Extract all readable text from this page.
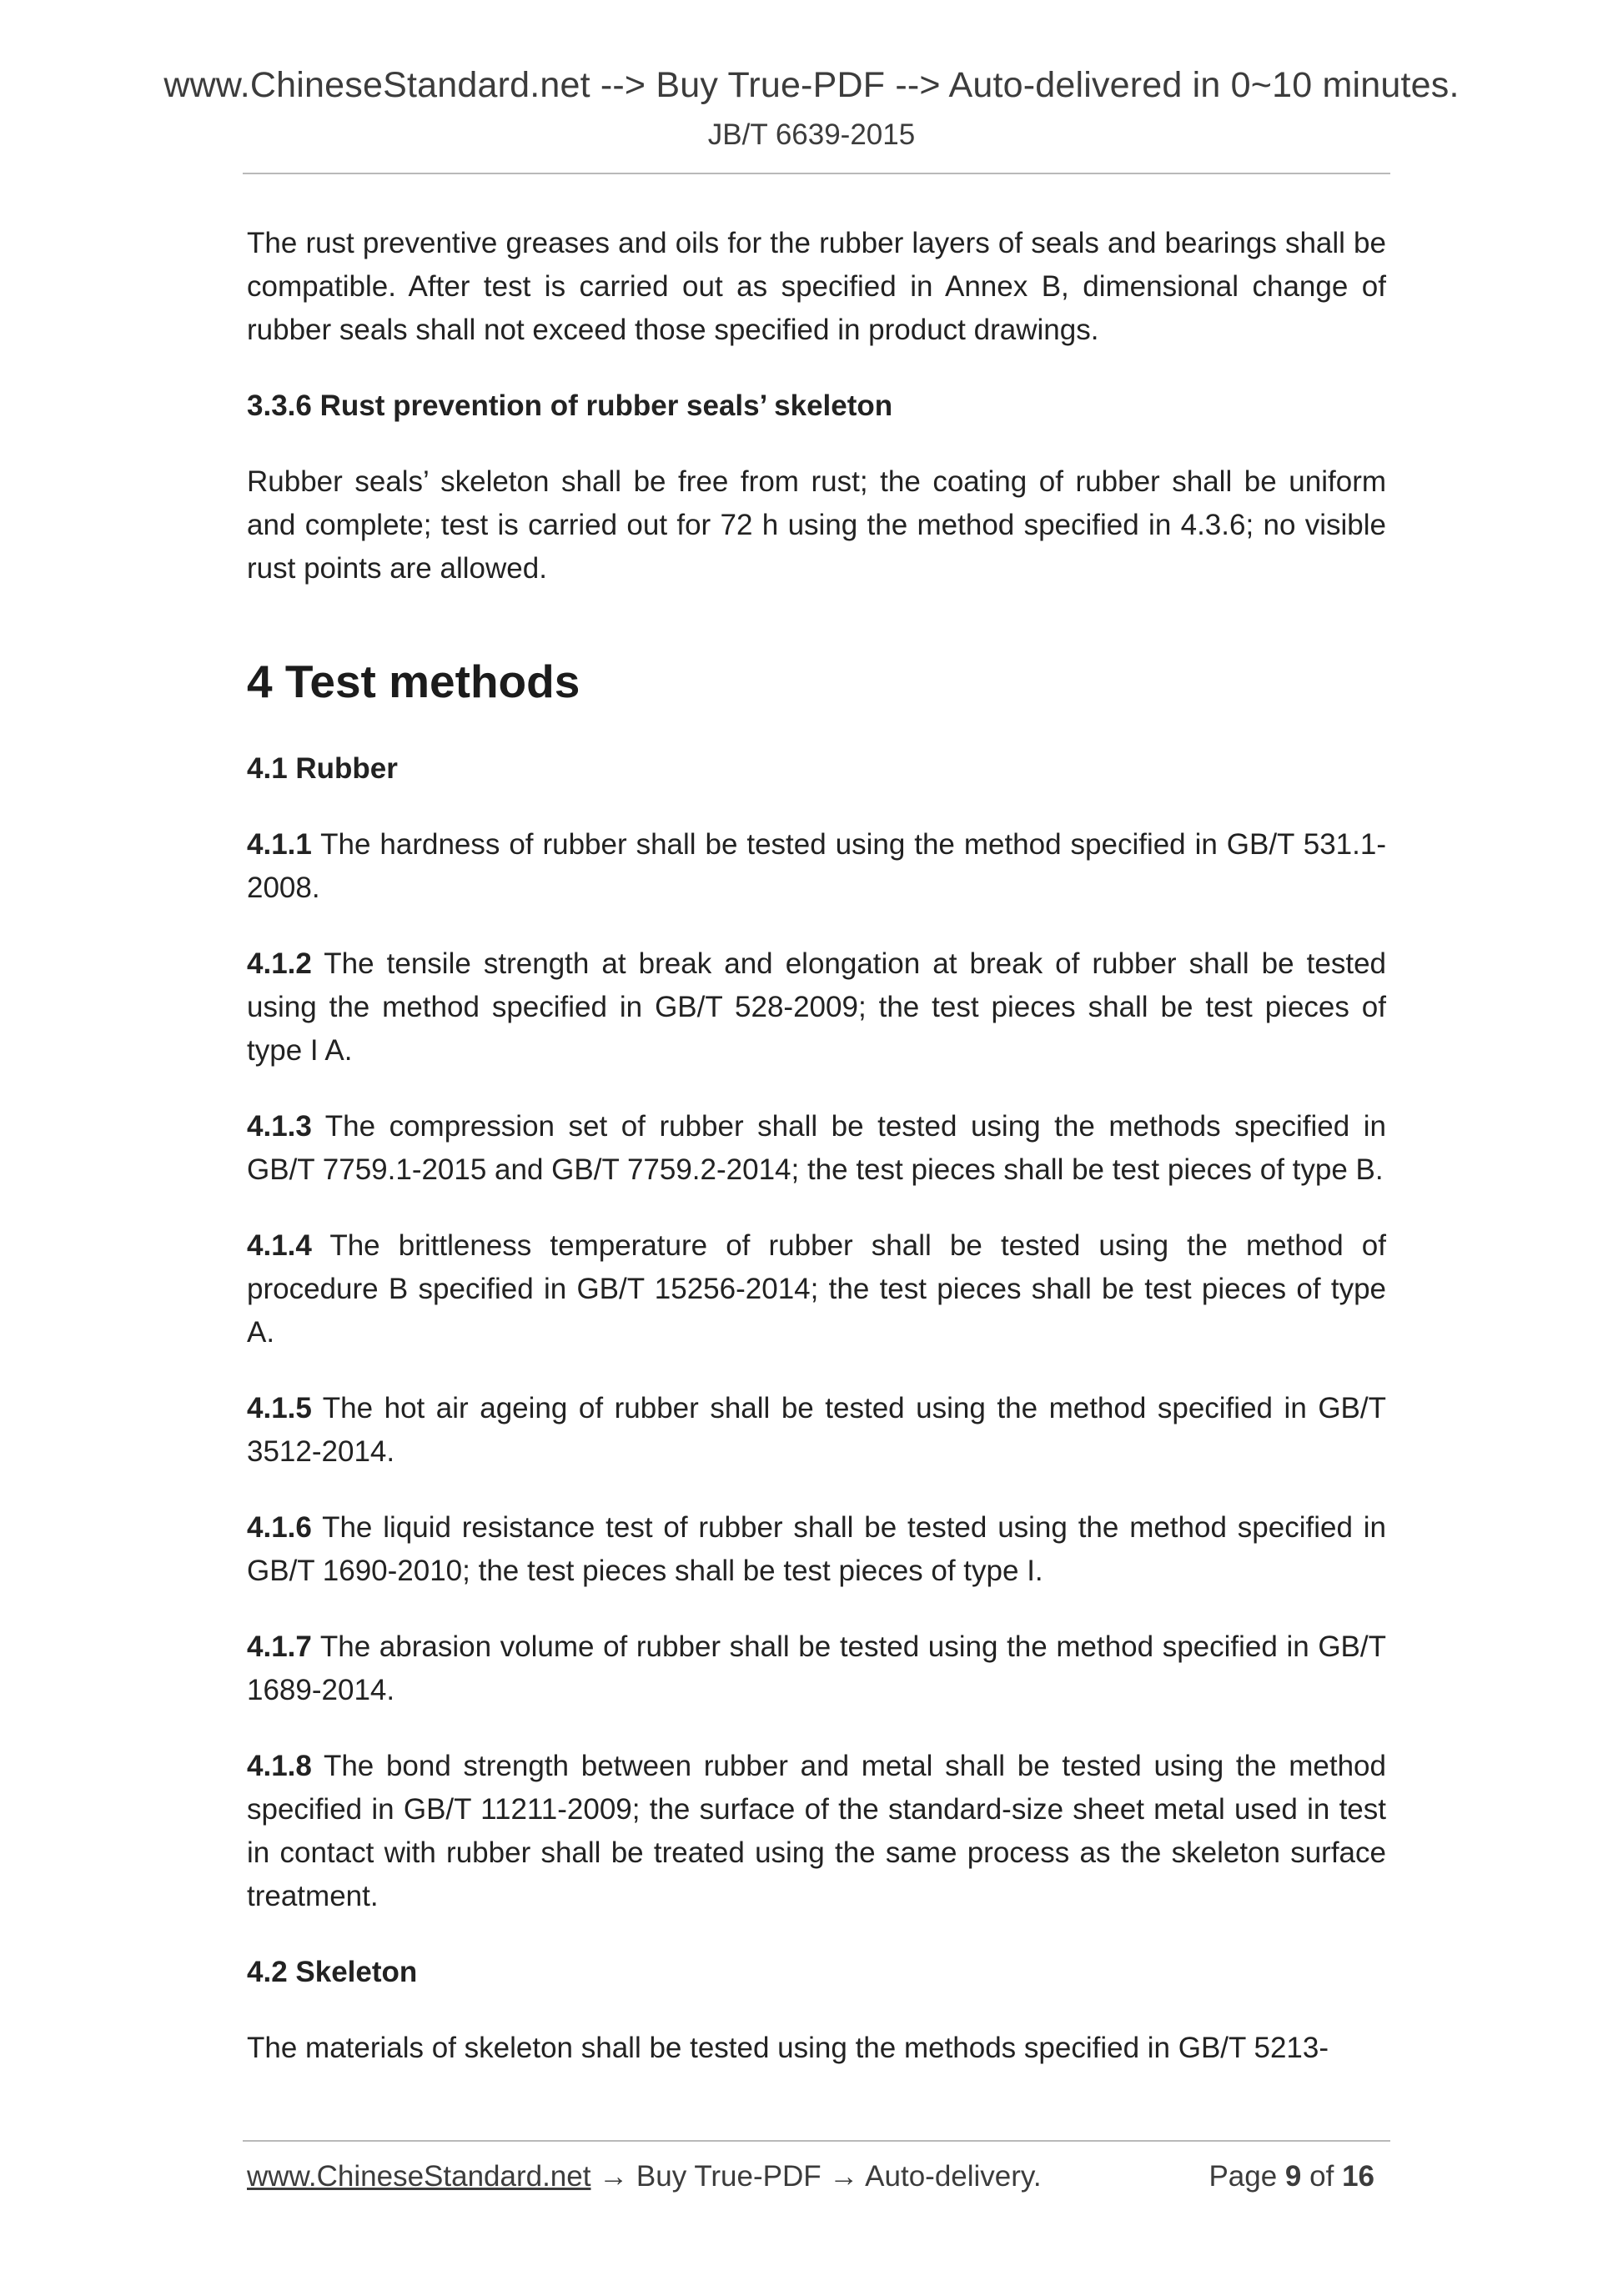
www.ChineseStandard.net --> Buy True-PDF --> Auto-delivered in 0~10 minutes.
JB/T 6639-2015

The rust preventive greases and oils for the rubber layers of seals and bearings shall be compatible. After test is carried out as specified in Annex B, dimensional change of rubber seals shall not exceed those specified in product drawings.

3.3.6 Rust prevention of rubber seals’ skeleton

Rubber seals’ skeleton shall be free from rust; the coating of rubber shall be uniform and complete; test is carried out for 72 h using the method specified in 4.3.6; no visible rust points are allowed.

4 Test methods

4.1 Rubber

4.1.1 The hardness of rubber shall be tested using the method specified in GB/T 531.1-2008.

4.1.2 The tensile strength at break and elongation at break of rubber shall be tested using the method specified in GB/T 528-2009; the test pieces shall be test pieces of type I A.

4.1.3 The compression set of rubber shall be tested using the methods specified in GB/T 7759.1-2015 and GB/T 7759.2-2014; the test pieces shall be test pieces of type B.

4.1.4 The brittleness temperature of rubber shall be tested using the method of procedure B specified in GB/T 15256-2014; the test pieces shall be test pieces of type A.

4.1.5 The hot air ageing of rubber shall be tested using the method specified in GB/T 3512-2014.

4.1.6 The liquid resistance test of rubber shall be tested using the method specified in GB/T 1690-2010; the test pieces shall be test pieces of type I.

4.1.7 The abrasion volume of rubber shall be tested using the method specified in GB/T 1689-2014.

4.1.8 The bond strength between rubber and metal shall be tested using the method specified in GB/T 11211-2009; the surface of the standard-size sheet metal used in test in contact with rubber shall be treated using the same process as the skeleton surface treatment.

4.2 Skeleton

The materials of skeleton shall be tested using the methods specified in GB/T 5213-

www.ChineseStandard.net → Buy True-PDF → Auto-delivery.	Page 9 of 16
